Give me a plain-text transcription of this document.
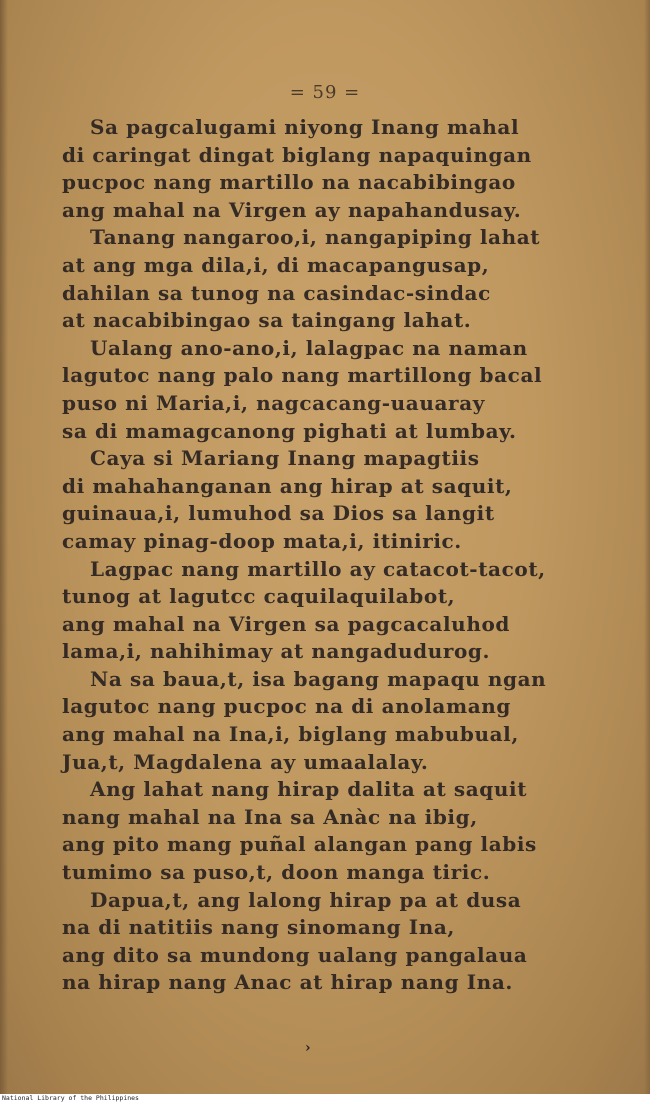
= 59 =
Sa pagcalugami niyong Inang mahal
di caringat dingat biglang napaquingan
pucpoc nang martillo na nacabibingao
ang mahal na Virgen ay napahandusay.
Tanang nangaroo,i, nangapiping lahat
at ang mga dila,i, di macapangusap,
dahilan sa tunog na casindac-sindac
at nacabibingao sa taingang lahat.
Ualang ano-ano,i, lalagpac na naman
lagutoc nang palo nang martillong bacal
puso ni Maria,i, nagcacang-uauaray
sa di mamagcanong pighati at lumbay.
Caya si Mariang Inang mapagtiis
di mahahanganan ang hirap at saquit,
guinaua,i, lumuhod sa Dios sa langit
camay pinag-doop mata,i, itiniric.
Lagpac nang martillo ay catacot-tacot,
tunog at lagutcc caquilaquilabot,
ang mahal na Virgen sa pagcacaluhod
lama,i, nahihimay at nangadudurog.
Na sa baua,t, isa bagang mapaqu ngan
lagutoc nang pucpoc na di anolamang
ang mahal na Ina,i, biglang mabubual,
Jua,t, Magdalena ay umaalalay.
Ang lahat nang hirap dalita at saquit
nang mahal na Ina sa Anàc na ibig,
ang pito mang puñal alangan pang labis
tumimo sa puso,t, doon manga tiric.
Dapua,t, ang lalong hirap pa at dusa
na di natitiis nang sinomang Ina,
ang dito sa mundong ualang pangalaua
na hirap nang Anac at hirap nang Ina.
›
National Library of the Philippines
